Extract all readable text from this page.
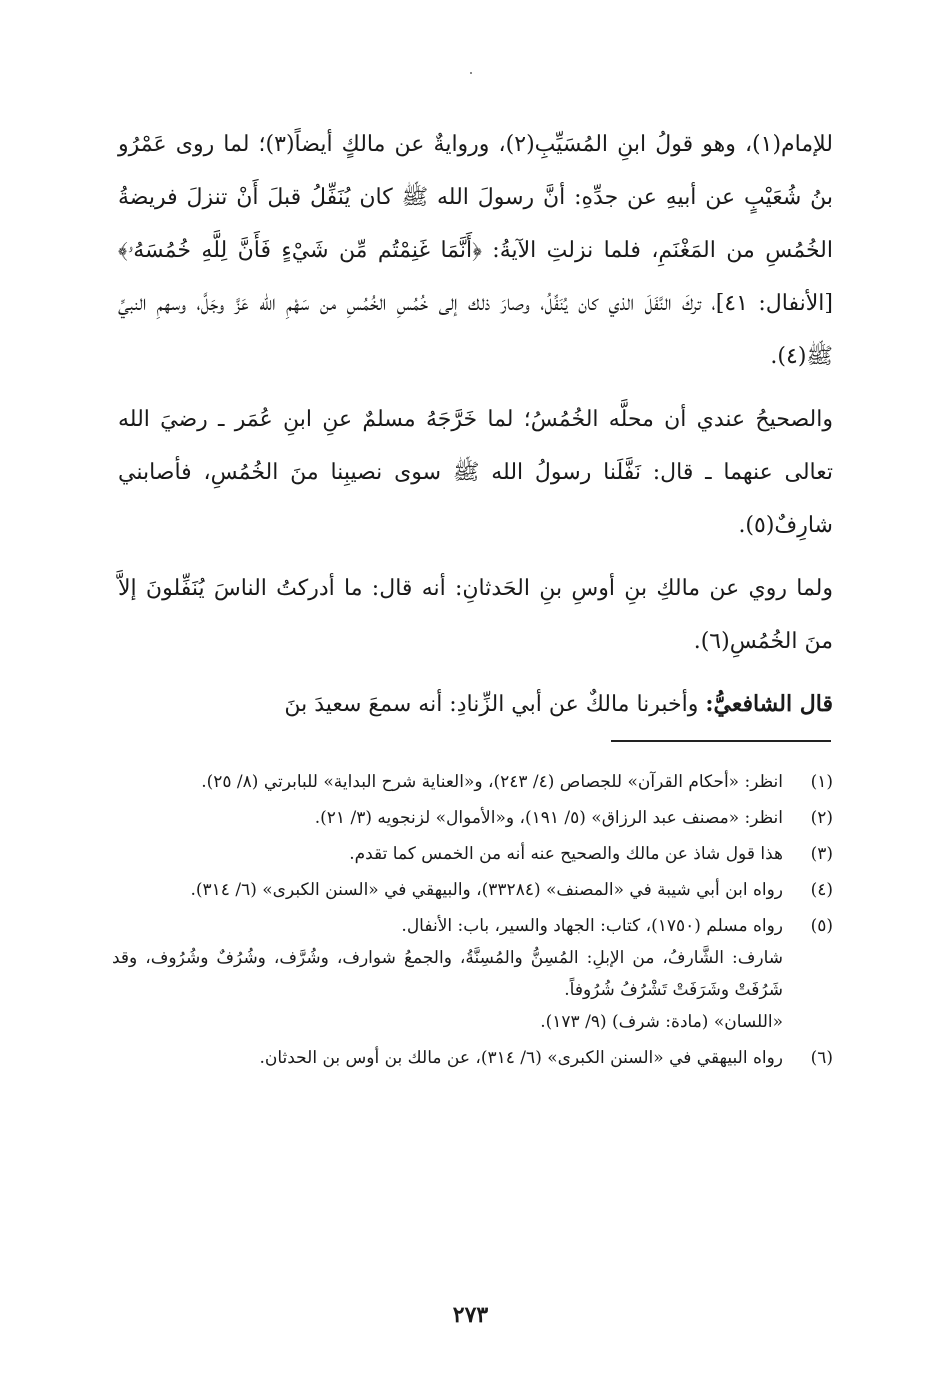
للإمام(١)، وهو قولُ ابنِ المُسَيِّبِ(٢)، وروايةٌ عن مالكٍ أيضاً(٣)؛ لما روى عَمْرُو بنُ شُعَيْبٍ عن أبيهِ عن جدِّهِ: أنَّ رسولَ الله ﷺ كان يُنَفِّلُ قبلَ أَنْ تنزلَ فريضةُ الخُمُسِ من المَغْنَمِ، فلما نزلتِ الآيةُ: ﴿أَنَّمَا غَنِمْتُم مِّن شَيْءٍ فَأَنَّ لِلَّهِ خُمُسَهُۥ﴾ [الأنفال: ٤١]، تركَ النَّفَلَ الذي كان يُنَفِّلُ، وصارَ ذلك إلى خُمُسِ الخُمُسِ من سَهْمِ الله عَزَّ وجَلَّ، وسهمِ النبيِّ ﷺ(٤).

والصحيحُ عندي أن محلَّه الخُمُسُ؛ لما خَرَّجَهُ مسلمٌ عنِ ابنِ عُمَر ـ رضيَ الله تعالى عنهما ـ قال: نَفَّلَنا رسولُ الله ﷺ سوى نصيبِنا منَ الخُمُسِ، فأصابني شارِفٌ(٥).

ولما روي عن مالكِ بنِ أوسِ بنِ الحَدثانِ: أنه قال: ما أدركتُ الناسَ يُنَفِّلونَ إلاَّ منَ الخُمُسِ(٦).

قال الشافعيُّ: وأخبرنا مالكٌ عن أبي الزِّنادِ: أنه سمعَ سعيدَ بنَ

(١)
انظر: «أحكام القرآن» للجصاص (٤/ ٢٤٣)، و«العناية شرح البداية» للبابرتي (٨/ ٢٥).
(٢)
انظر: «مصنف عبد الرزاق» (٥/ ١٩١)، و«الأموال» لزنجويه (٣/ ٢١).
(٣)
هذا قول شاذ عن مالك والصحيح عنه أنه من الخمس كما تقدم.
(٤)
رواه ابن أبي شيبة في «المصنف» (٣٣٢٨٤)، والبيهقي في «السنن الكبرى» (٦/ ٣١٤).
(٥)
رواه مسلم (١٧٥٠)، كتاب: الجهاد والسير، باب: الأنفال.
شارف: الشَّارفُ، من الإبلِ: المُسِنُّ والمُسِنَّةُ، والجمعُ شوارف، وشُرَّف، وشُرُفٌ وشُرُوف، وقد شَرُفَتْ وشَرَفَتْ تَشْرُفُ شُرُوفاً.
«اللسان» (مادة: شرف) (٩/ ١٧٣).
(٦)
رواه البيهقي في «السنن الكبرى» (٦/ ٣١٤)، عن مالك بن أوس بن الحدثان.
٢٧٣
